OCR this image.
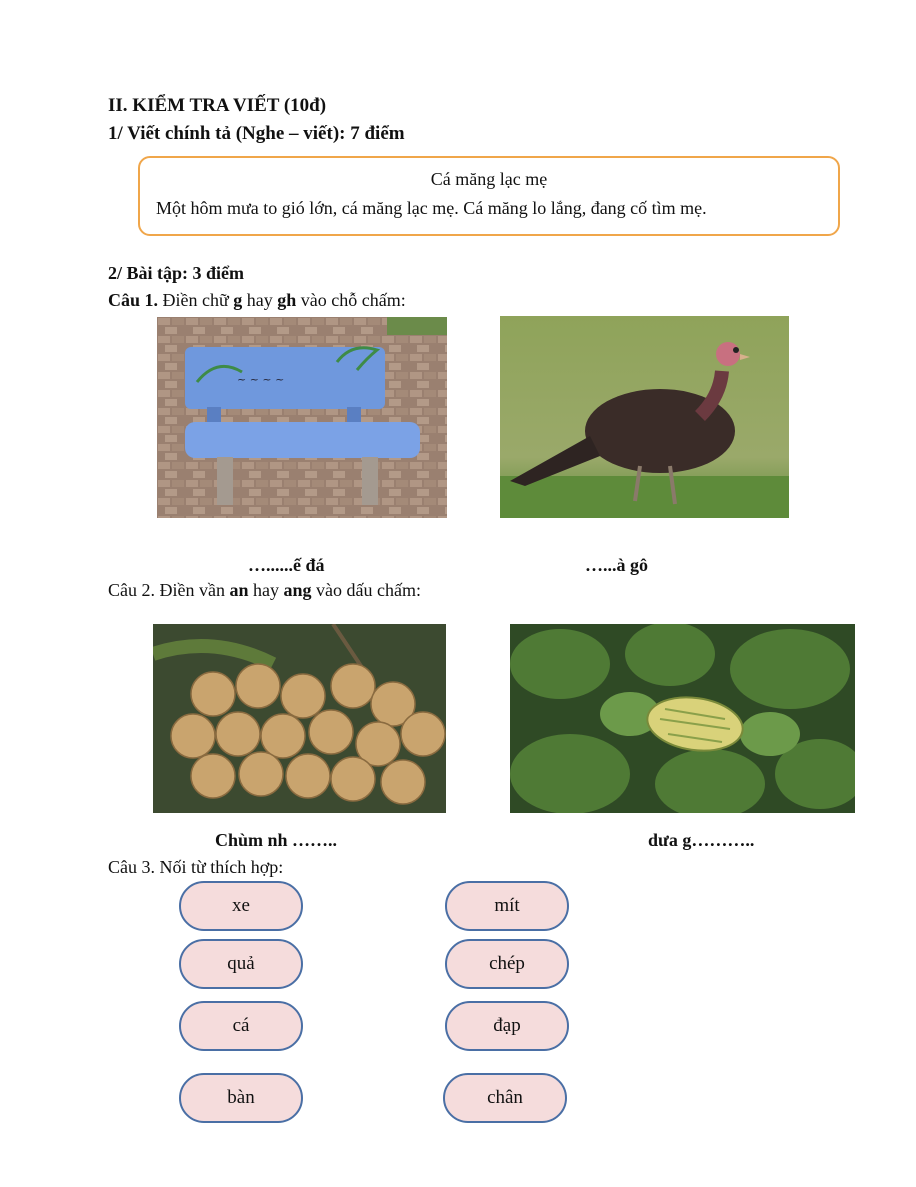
II. KIỂM TRA VIẾT (10đ)
1/ Viết chính tả (Nghe – viết): 7 điểm
Cá măng lạc mẹ
Một hôm mưa to gió lớn, cá măng lạc mẹ. Cá măng lo lắng, đang cố tìm mẹ.
2/ Bài tập: 3 điểm
Câu 1. Điền chữ g hay gh vào chỗ chấm:
~ ~ ~ ~
…......ế đá	…...à gô
Câu 2. Điền vần an hay ang vào dấu chấm:
Chùm nh ……..	dưa g………..
Câu 3. Nối từ thích hợp:
xe
quả
cá
bàn
mít
chép
đạp
chân
